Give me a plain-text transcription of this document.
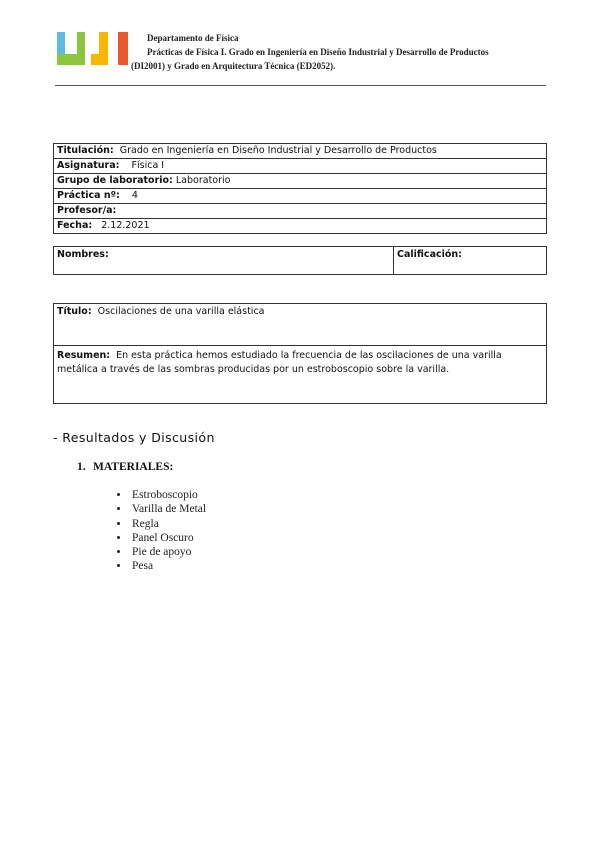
Departamento de Física
Prácticas de Física I. Grado en Ingeniería en Diseño Industrial y Desarrollo de Productos
(DI2001) y Grado en Arquitectura Técnica (ED2052).
Titulación: Grado en Ingeniería en Diseño Industrial y Desarrollo de Productos
Asignatura: Física I
Grupo de laboratorio: Laboratorio
Práctica nº: 4
Profesor/a:
Fecha: 2.12.2021
Nombres:	Calificación:
Título: Oscilaciones de una varilla elástica
Resumen: En esta práctica hemos estudiado la frecuencia de las oscilaciones de una varilla metálica a través de las sombras producidas por un estroboscopio sobre la varilla.
- Resultados y Discusión
1. MATERIALES:
• Estroboscopio
• Varilla de Metal
• Regla
• Panel Oscuro
• Pie de apoyo
• Pesa
